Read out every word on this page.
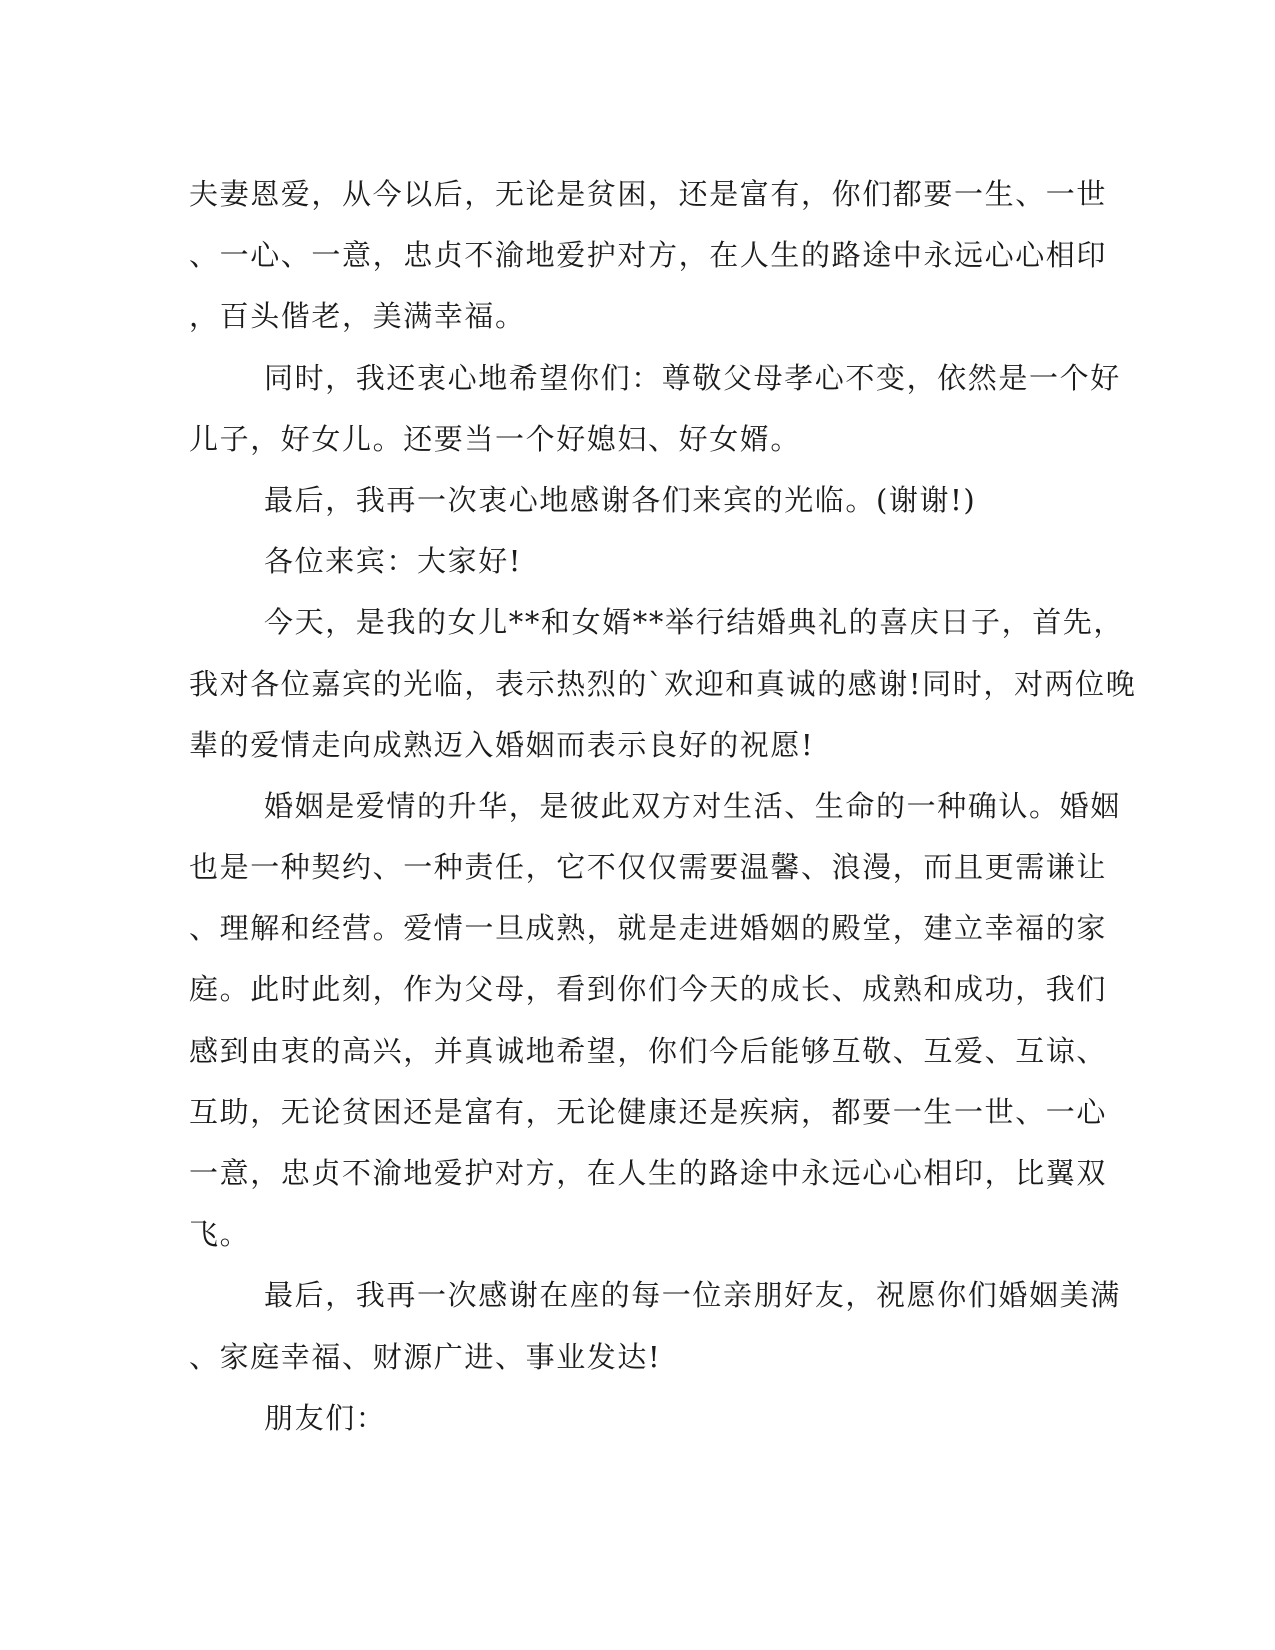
夫妻恩爱，从今以后，无论是贫困，还是富有，你们都要一生、一世
、一心、一意，忠贞不渝地爱护对方，在人生的路途中永远心心相印
，百头偕老，美满幸福。
同时，我还衷心地希望你们：尊敬父母孝心不变，依然是一个好
儿子，好女儿。还要当一个好媳妇、好女婿。
最后，我再一次衷心地感谢各们来宾的光临。(谢谢!)
各位来宾：大家好!
今天，是我的女儿**和女婿**举行结婚典礼的喜庆日子，首先，
我对各位嘉宾的光临，表示热烈的`欢迎和真诚的感谢!同时，对两位晚
辈的爱情走向成熟迈入婚姻而表示良好的祝愿!
婚姻是爱情的升华，是彼此双方对生活、生命的一种确认。婚姻
也是一种契约、一种责任，它不仅仅需要温馨、浪漫，而且更需谦让
、理解和经营。爱情一旦成熟，就是走进婚姻的殿堂，建立幸福的家
庭。此时此刻，作为父母，看到你们今天的成长、成熟和成功，我们
感到由衷的高兴，并真诚地希望，你们今后能够互敬、互爱、互谅、
互助，无论贫困还是富有，无论健康还是疾病，都要一生一世、一心
一意，忠贞不渝地爱护对方，在人生的路途中永远心心相印，比翼双
飞。
最后，我再一次感谢在座的每一位亲朋好友，祝愿你们婚姻美满
、家庭幸福、财源广进、事业发达!
朋友们：
